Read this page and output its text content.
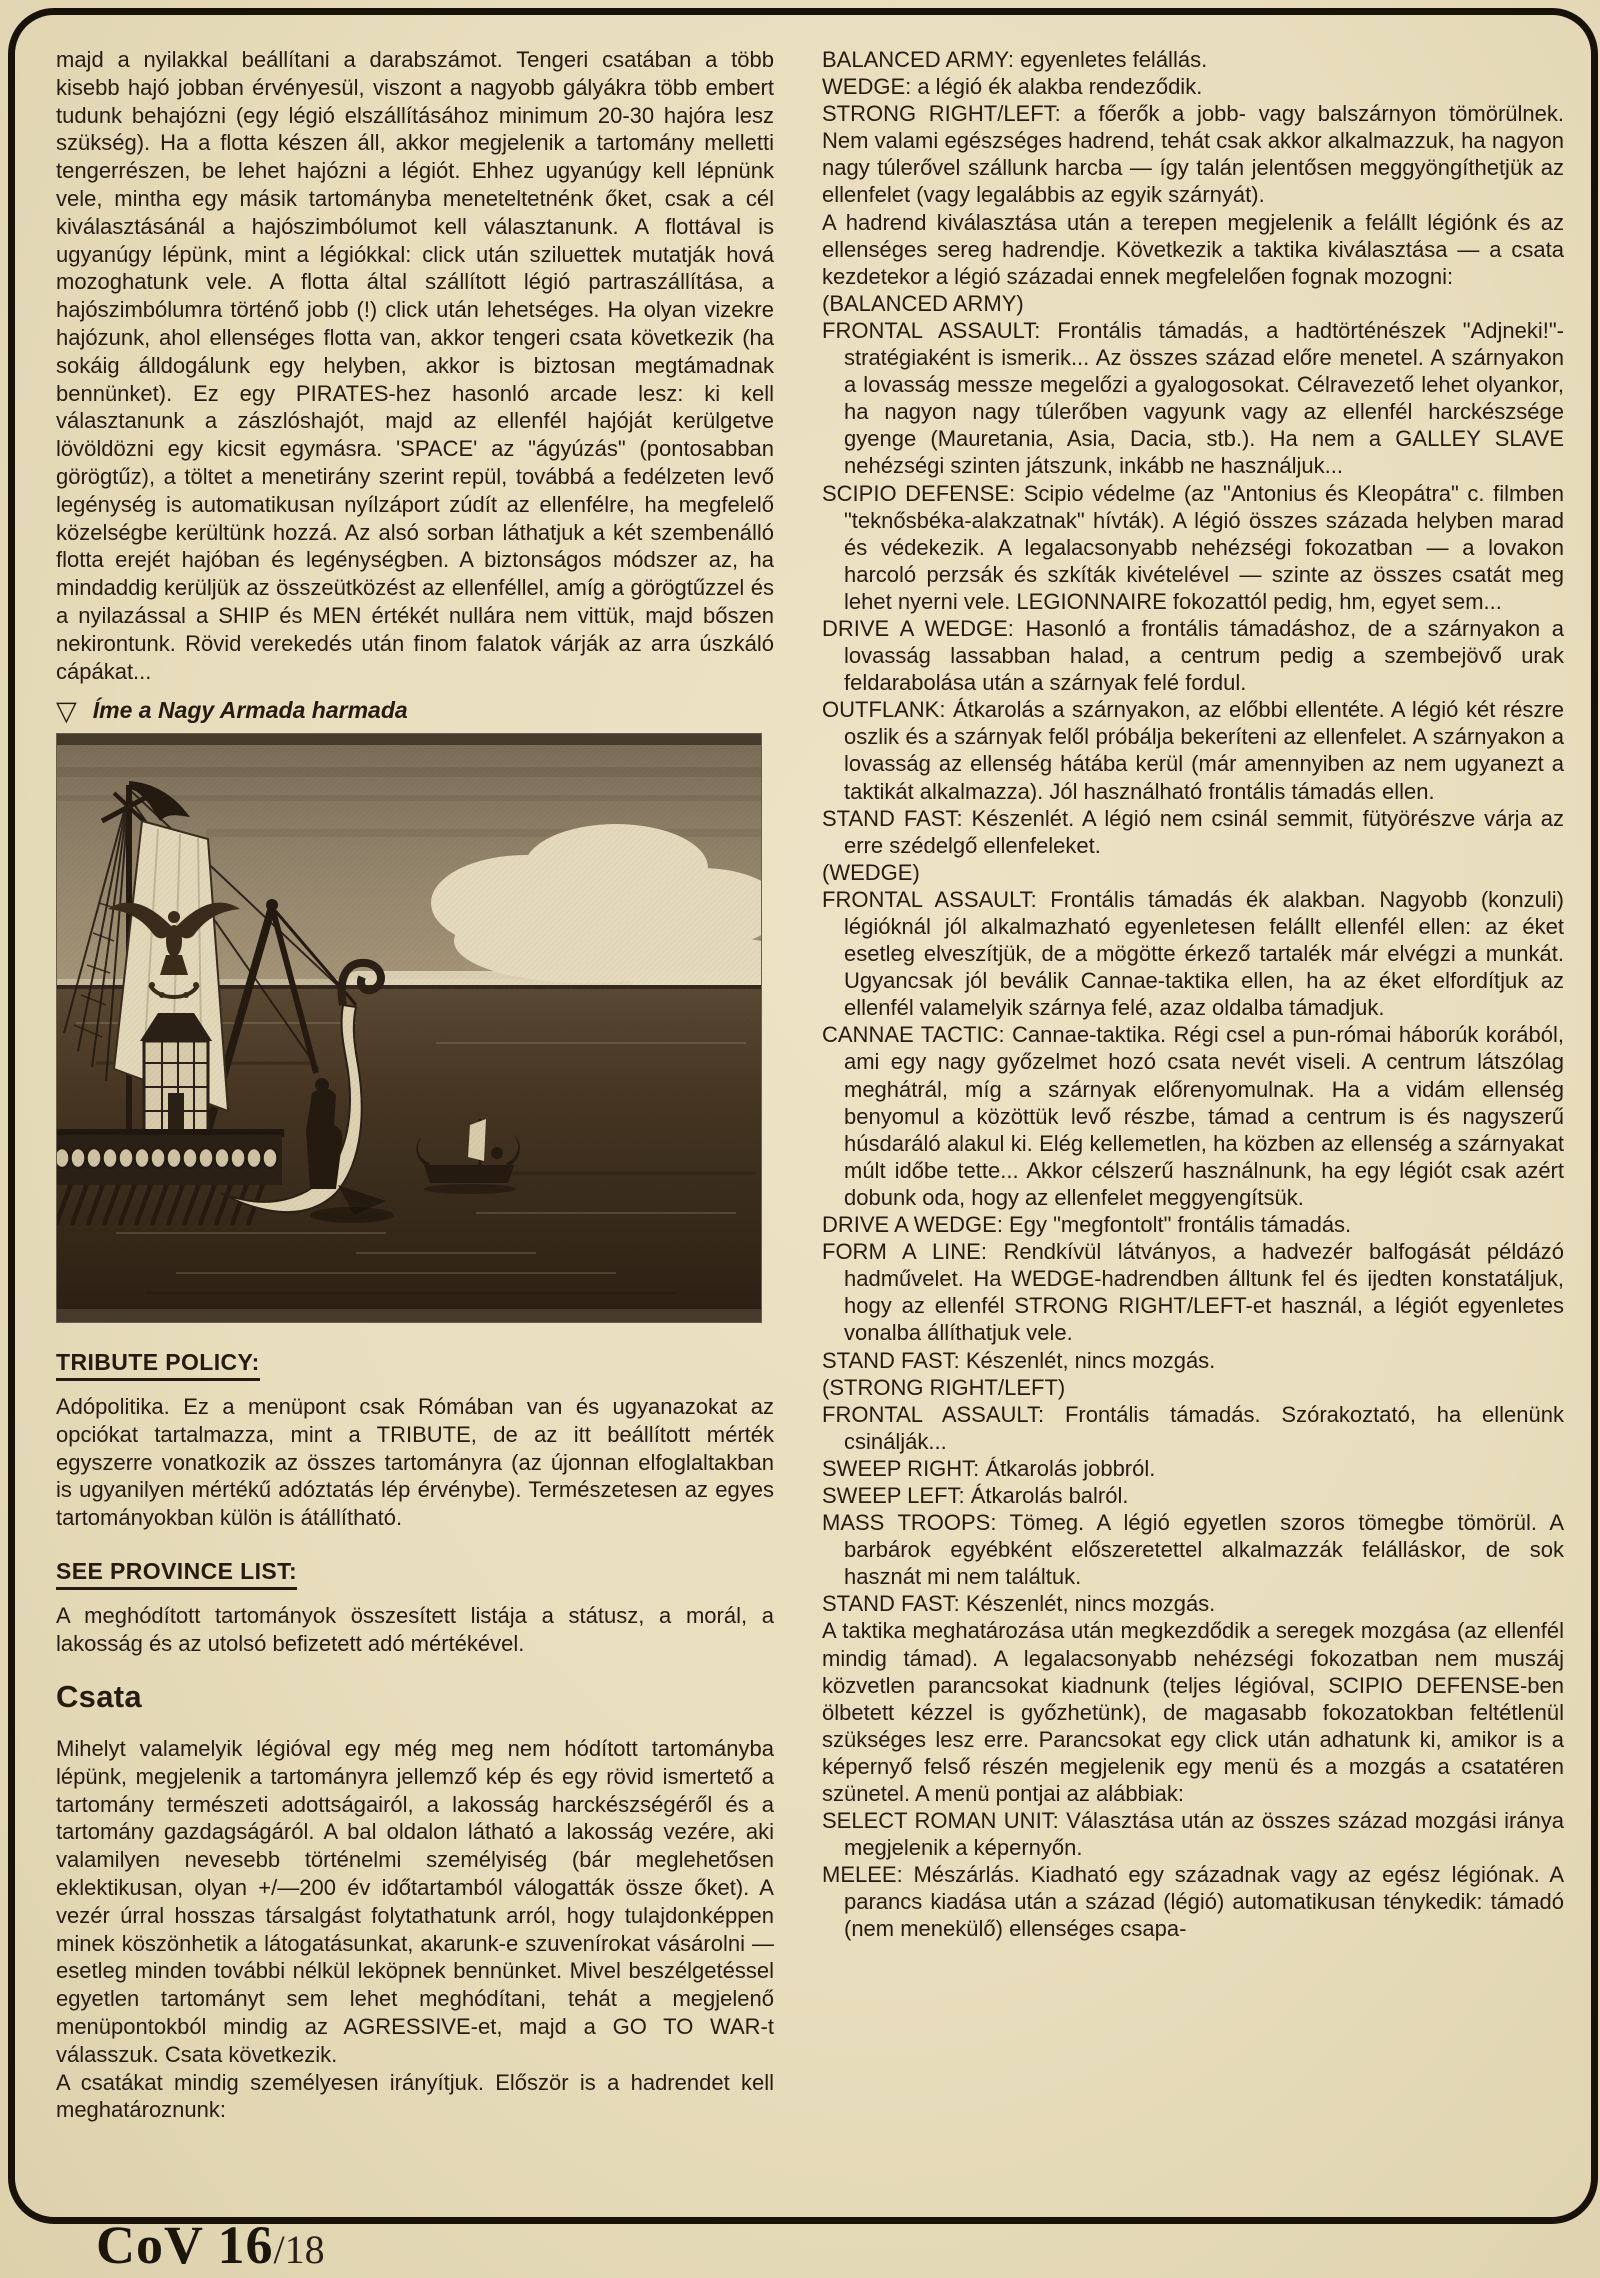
majd a nyilakkal beállítani a darabszámot. Tengeri csatában a több kisebb hajó jobban érvényesül, viszont a nagyobb gályákra több embert tudunk behajózni (egy légió elszállításához minimum 20-30 hajóra lesz szükség). Ha a flotta készen áll, akkor megjelenik a tartomány melletti tengerrészen, be lehet hajózni a légiót. Ehhez ugyanúgy kell lépnünk vele, mintha egy másik tartományba meneteltetnénk őket, csak a cél kiválasztásánál a hajószimbólumot kell választanunk. A flottával is ugyanúgy lépünk, mint a légiókkal: click után sziluettek mutatják hová mozoghatunk vele. A flotta által szállított légió partraszállítása, a hajószimbólumra történő jobb (!) click után lehetséges. Ha olyan vizekre hajózunk, ahol ellenséges flotta van, akkor tengeri csata következik (ha sokáig álldogálunk egy helyben, akkor is biztosan megtámadnak bennünket). Ez egy PIRATES-hez hasonló arcade lesz: ki kell választanunk a zászlóshajót, majd az ellenfél hajóját kerülgetve lövöldözni egy kicsit egymásra. 'SPACE' az "ágyúzás" (pontosabban görögtűz), a töltet a menetirány szerint repül, továbbá a fedélzeten levő legénység is automatikusan nyílzáport zúdít az ellenfélre, ha megfelelő közelségbe kerültünk hozzá. Az alsó sorban láthatjuk a két szembenálló flotta erejét hajóban és legénységben. A biztonságos módszer az, ha mindaddig kerüljük az összeütközést az ellenféllel, amíg a görögtűzzel és a nyilazással a SHIP és MEN értékét nullára nem vittük, majd bőszen nekirontunk. Rövid verekedés után finom falatok várják az arra úszkáló cápákat...

▽ Íme a Nagy Armada harmada
TRIBUTE POLICY:

Adópolitika. Ez a menüpont csak Rómában van és ugyanazokat az opciókat tartalmazza, mint a TRIBUTE, de az itt beállított mérték egyszerre vonatkozik az összes tartományra (az újonnan elfoglaltakban is ugyanilyen mértékű adóztatás lép érvénybe). Természetesen az egyes tartományokban külön is átállítható.

SEE PROVINCE LIST:

A meghódított tartományok összesített listája a státusz, a morál, a lakosság és az utolsó befizetett adó mértékével.

Csata

Mihelyt valamelyik légióval egy még meg nem hódított tartományba lépünk, megjelenik a tartományra jellemző kép és egy rövid ismertető a tartomány természeti adottságairól, a lakosság harckészségéről és a tartomány gazdagságáról. A bal oldalon látható a lakosság vezére, aki valamilyen nevesebb történelmi személyiség (bár meglehetősen eklektikusan, olyan +/—200 év időtartamból válogatták össze őket). A vezér úrral hosszas társalgást folytathatunk arról, hogy tulajdonképpen minek köszönhetik a látogatásunkat, akarunk-e szuvenírokat vásárolni — esetleg minden további nélkül leköpnek bennünket. Mivel beszélgetéssel egyetlen tartományt sem lehet meghódítani, tehát a megjelenő menüpontokból mindig az AGRESSIVE-et, majd a GO TO WAR-t válasszuk. Csata következik.

A csatákat mindig személyesen irányítjuk. Először is a hadrendet kell meghatároznunk:

BALANCED ARMY: egyenletes felállás.

WEDGE: a légió ék alakba rendeződik.

STRONG RIGHT/LEFT: a főerők a jobb- vagy balszárnyon tömörülnek. Nem valami egészséges hadrend, tehát csak akkor alkalmazzuk, ha nagyon nagy túlerővel szállunk harcba — így talán jelentősen meggyöngíthetjük az ellenfelet (vagy legalábbis az egyik szárnyát).

A hadrend kiválasztása után a terepen megjelenik a felállt légiónk és az ellenséges sereg hadrendje. Következik a taktika kiválasztása — a csata kezdetekor a légió századai ennek megfelelően fognak mozogni:

(BALANCED ARMY)

FRONTAL ASSAULT: Frontális támadás, a hadtörténészek "Adjneki!"-stratégiaként is ismerik... Az összes század előre menetel. A szárnyakon a lovasság messze megelőzi a gyalogosokat. Célravezető lehet olyankor, ha nagyon nagy túlerőben vagyunk vagy az ellenfél harckészsége gyenge (Mauretania, Asia, Dacia, stb.). Ha nem a GALLEY SLAVE nehézségi szinten játszunk, inkább ne használjuk...

SCIPIO DEFENSE: Scipio védelme (az "Antonius és Kleopátra" c. filmben "teknősbéka-alakzatnak" hívták). A légió összes százada helyben marad és védekezik. A legalacsonyabb nehézségi fokozatban — a lovakon harcoló perzsák és szkíták kivételével — szinte az összes csatát meg lehet nyerni vele. LEGIONNAIRE fokozattól pedig, hm, egyet sem...

DRIVE A WEDGE: Hasonló a frontális támadáshoz, de a szárnyakon a lovasság lassabban halad, a centrum pedig a szembejövő urak feldarabolása után a szárnyak felé fordul.

OUTFLANK: Átkarolás a szárnyakon, az előbbi ellentéte. A légió két részre oszlik és a szárnyak felől próbálja bekeríteni az ellenfelet. A szárnyakon a lovasság az ellenség hátába kerül (már amennyiben az nem ugyanezt a taktikát alkalmazza). Jól használható frontális támadás ellen.

STAND FAST: Készenlét. A légió nem csinál semmit, fütyörészve várja az erre szédelgő ellenfeleket.

(WEDGE)

FRONTAL ASSAULT: Frontális támadás ék alakban. Nagyobb (konzuli) légióknál jól alkalmazható egyenletesen felállt ellenfél ellen: az éket esetleg elveszítjük, de a mögötte érkező tartalék már elvégzi a munkát. Ugyancsak jól beválik Cannae-taktika ellen, ha az éket elfordítjuk az ellenfél valamelyik szárnya felé, azaz oldalba támadjuk.

CANNAE TACTIC: Cannae-taktika. Régi csel a pun-római háborúk korából, ami egy nagy győzelmet hozó csata nevét viseli. A centrum látszólag meghátrál, míg a szárnyak előrenyomulnak. Ha a vidám ellenség benyomul a közöttük levő részbe, támad a centrum is és nagyszerű húsdaráló alakul ki. Elég kellemetlen, ha közben az ellenség a szárnyakat múlt időbe tette... Akkor célszerű használnunk, ha egy légiót csak azért dobunk oda, hogy az ellenfelet meggyengítsük.

DRIVE A WEDGE: Egy "megfontolt" frontális támadás.

FORM A LINE: Rendkívül látványos, a hadvezér balfogását példázó hadművelet. Ha WEDGE-hadrendben álltunk fel és ijedten konstatáljuk, hogy az ellenfél STRONG RIGHT/LEFT-et használ, a légiót egyenletes vonalba állíthatjuk vele.

STAND FAST: Készenlét, nincs mozgás.

(STRONG RIGHT/LEFT)

FRONTAL ASSAULT: Frontális támadás. Szórakoztató, ha ellenünk csinálják...

SWEEP RIGHT: Átkarolás jobbról.

SWEEP LEFT: Átkarolás balról.

MASS TROOPS: Tömeg. A légió egyetlen szoros tömegbe tömörül. A barbárok egyébként előszeretettel alkalmazzák felálláskor, de sok hasznát mi nem találtuk.

STAND FAST: Készenlét, nincs mozgás.

A taktika meghatározása után megkezdődik a seregek mozgása (az ellenfél mindig támad). A legalacsonyabb nehézségi fokozatban nem muszáj közvetlen parancsokat kiadnunk (teljes légióval, SCIPIO DEFENSE-ben ölbetett kézzel is győzhetünk), de magasabb fokozatokban feltétlenül szükséges lesz erre. Parancsokat egy click után adhatunk ki, amikor is a képernyő felső részén megjelenik egy menü és a mozgás a csatatéren szünetel. A menü pontjai az alábbiak:

SELECT ROMAN UNIT: Választása után az összes század mozgási iránya megjelenik a képernyőn.

MELEE: Mészárlás. Kiadható egy századnak vagy az egész légiónak. A parancs kiadása után a század (légió) automatikusan ténykedik: támadó (nem menekülő) ellenséges csapa-

CoV 16/18
